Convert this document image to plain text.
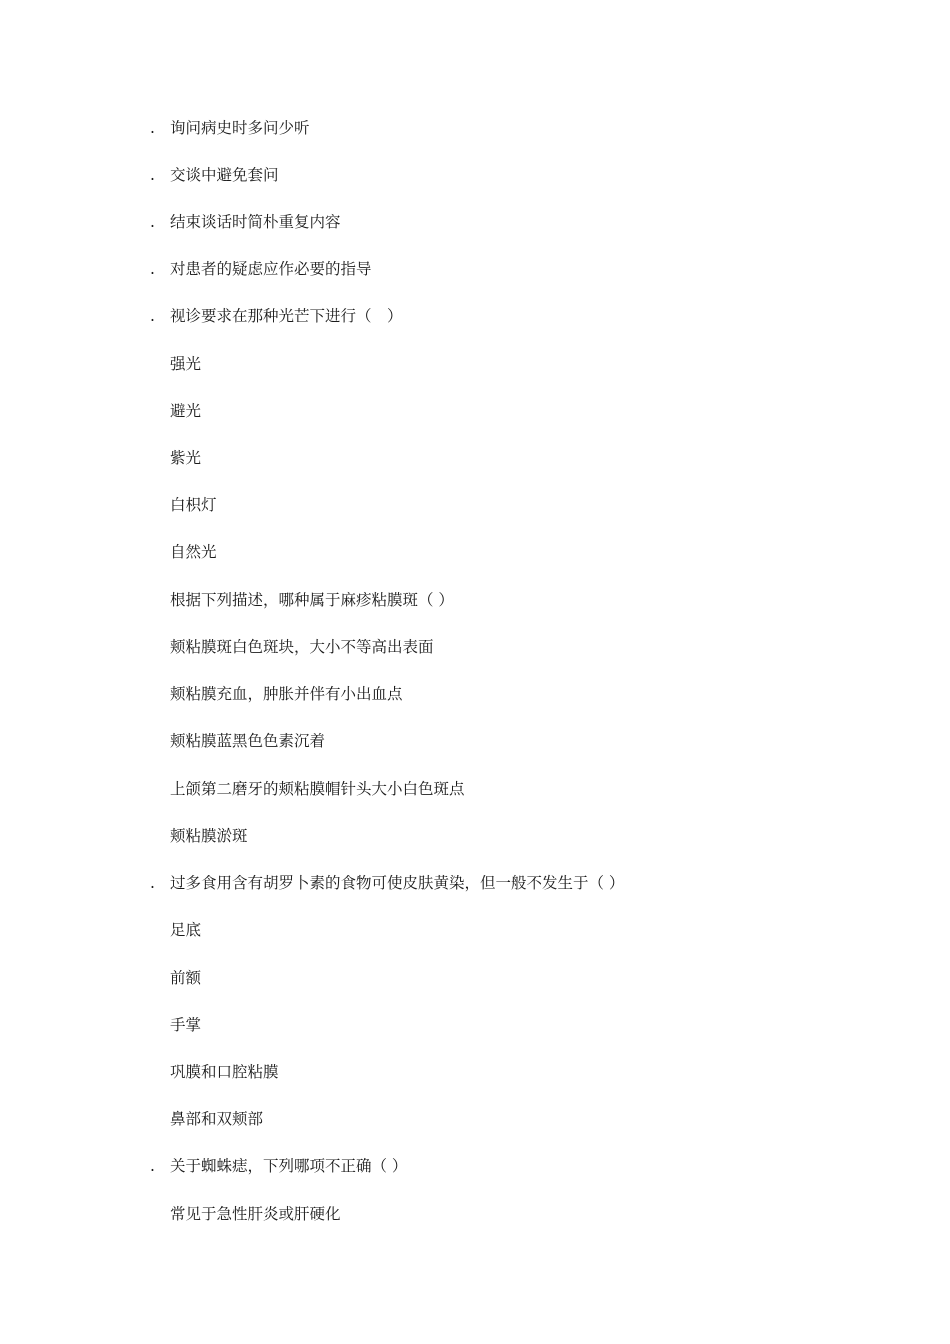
. 询问病史时多问少听
. 交谈中避免套问
. 结束谈话时简朴重复内容
. 对患者的疑虑应作必要的指导
. 视诊要求在那种光芒下进行（　）
强光
避光
紫光
白枳灯
自然光
根据下列描述，哪种属于麻疹粘膜斑（ ）
颊粘膜斑白色斑块，大小不等高出表面
颊粘膜充血，肿胀并伴有小出血点
颊粘膜蓝黑色色素沉着
上颌第二磨牙的颊粘膜帽针头大小白色斑点
颊粘膜淤斑
. 过多食用含有胡罗卜素的食物可使皮肤黄染，但一般不发生于（ ）
足底
前额
手掌
巩膜和口腔粘膜
鼻部和双颊部
. 关于蜘蛛痣，下列哪项不正确（ ）
常见于急性肝炎或肝硬化
